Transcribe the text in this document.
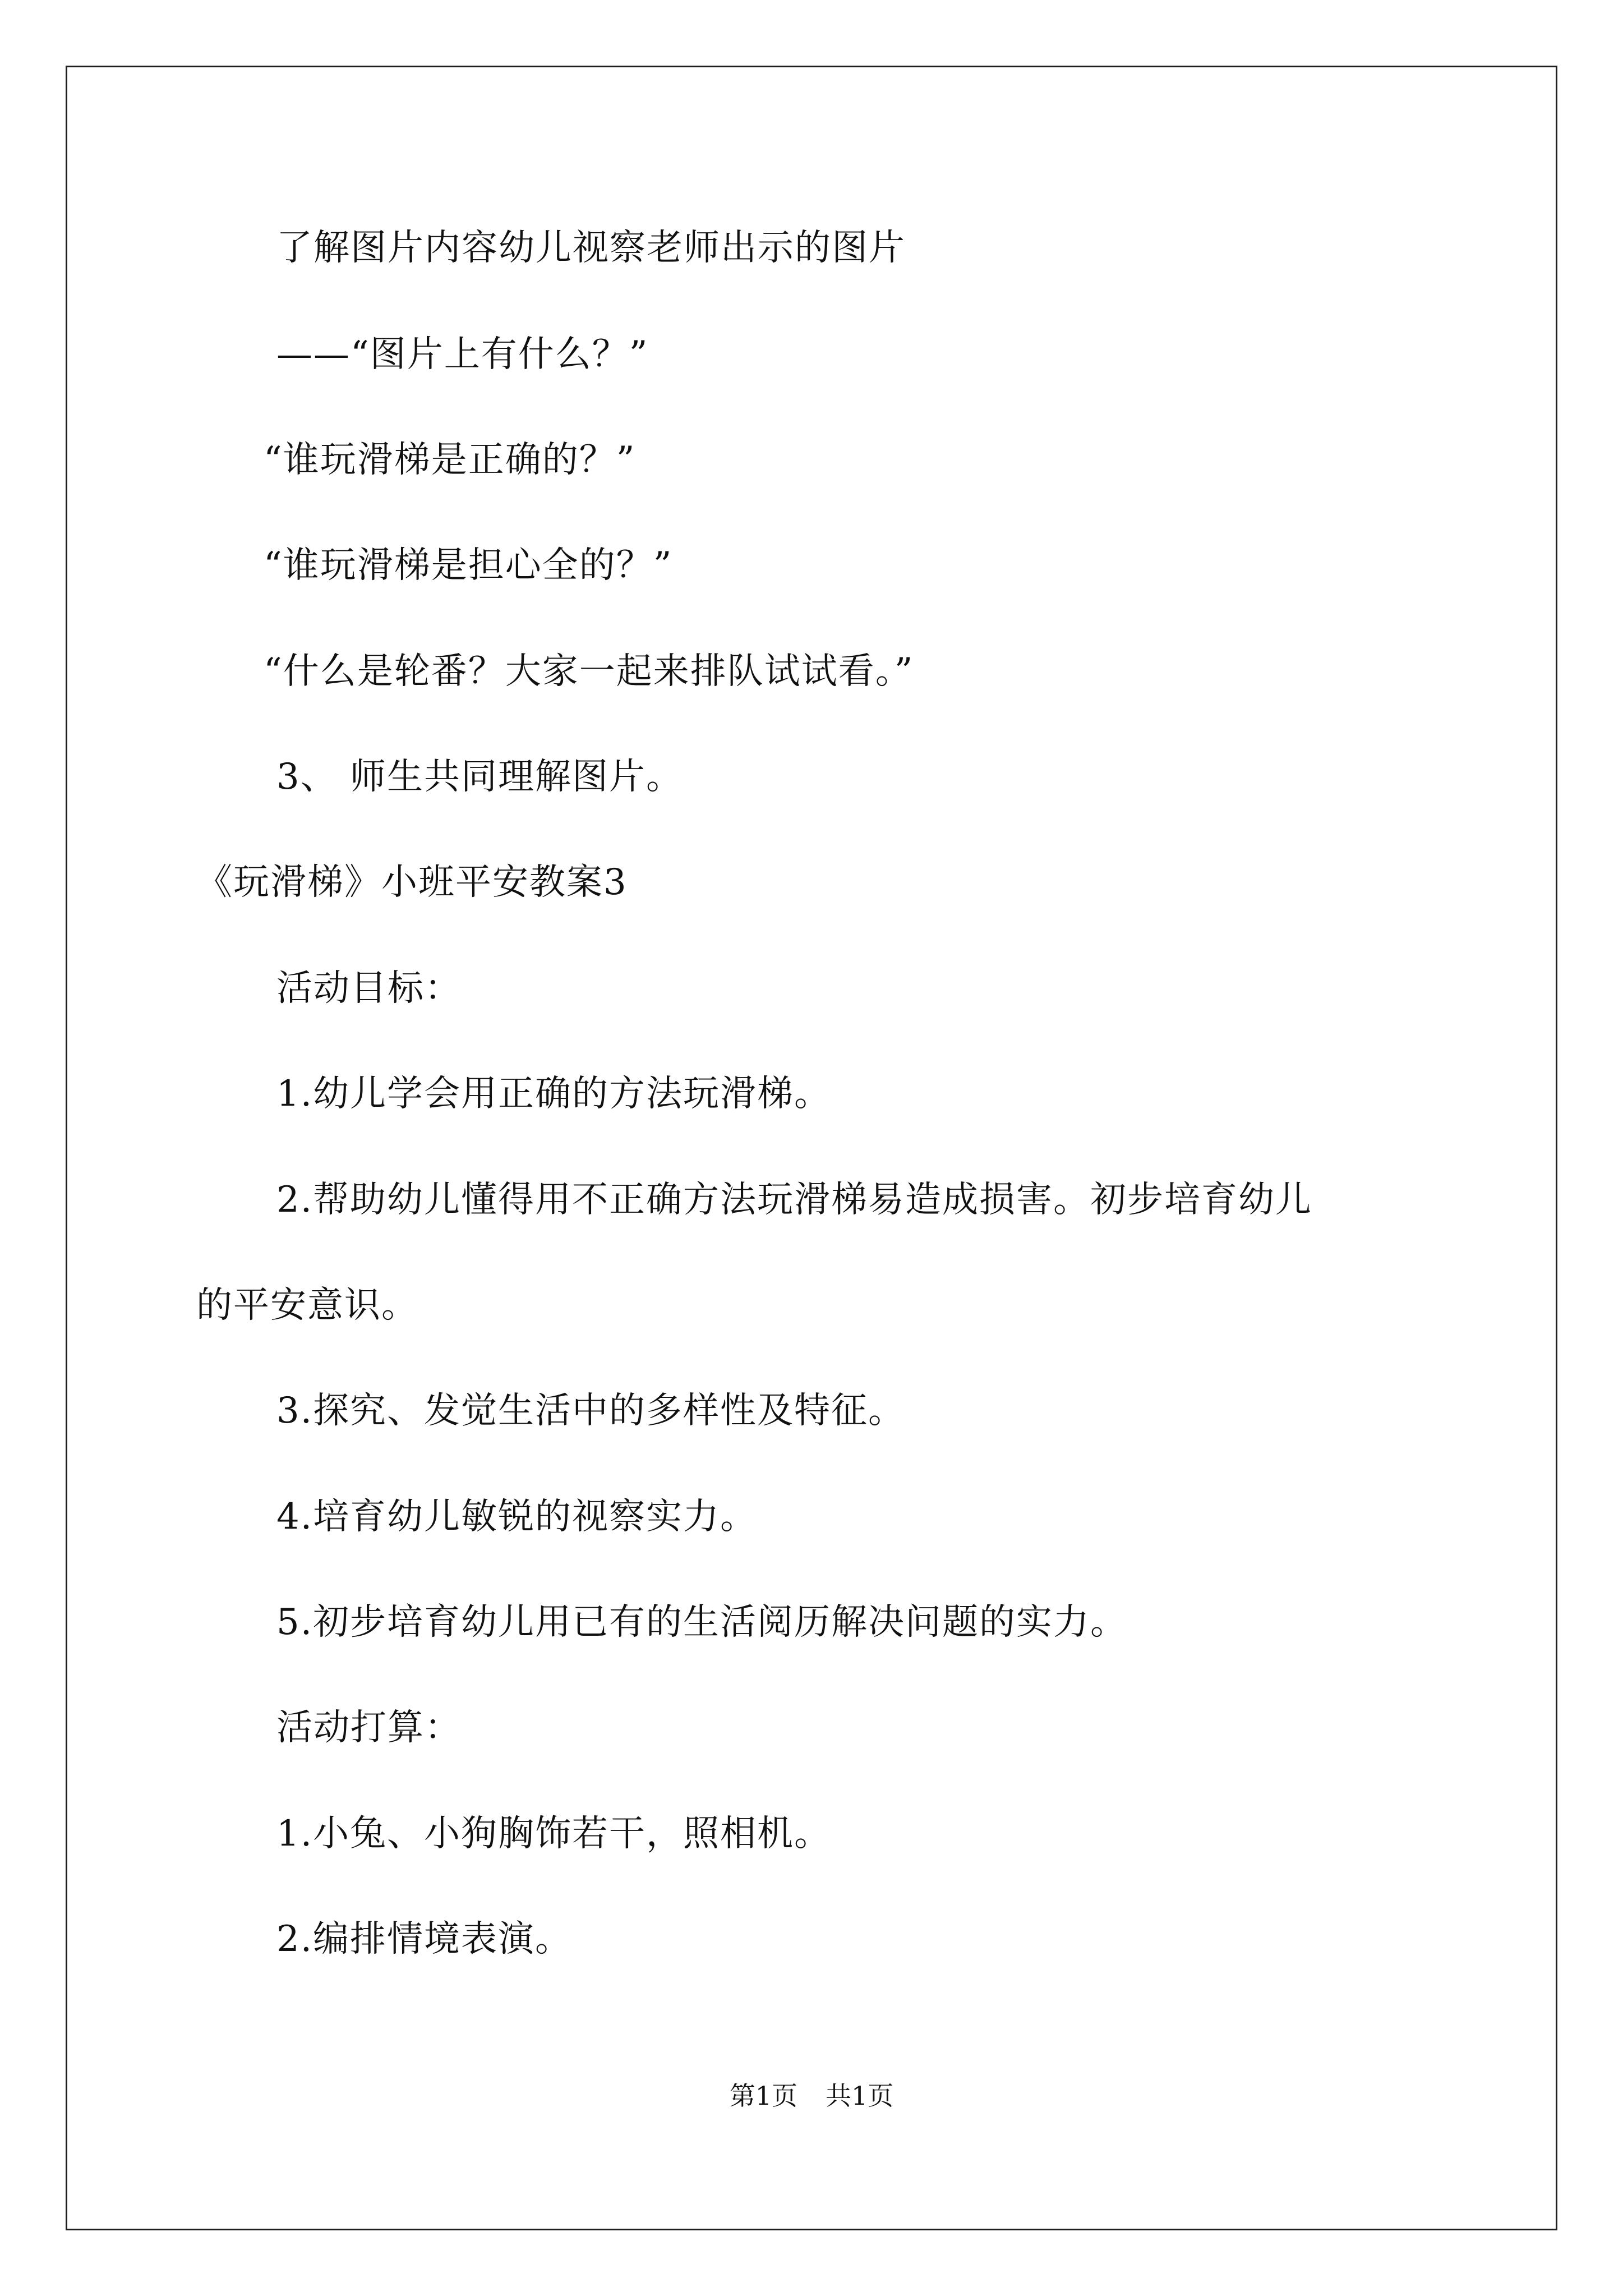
了解图片内容幼儿视察老师出示的图片

——“图片上有什么？”

“谁玩滑梯是正确的？”

“谁玩滑梯是担心全的？”

“什么是轮番？大家一起来排队试试看。”

3、 师生共同理解图片。

《玩滑梯》小班平安教案3

活动目标：

1.幼儿学会用正确的方法玩滑梯。

2.帮助幼儿懂得用不正确方法玩滑梯易造成损害。初步培育幼儿

的平安意识。

3.探究、发觉生活中的多样性及特征。

4.培育幼儿敏锐的视察实力。

5.初步培育幼儿用已有的生活阅历解决问题的实力。

活动打算：

1.小兔、小狗胸饰若干，照相机。

2.编排情境表演。

第1页 共1页
